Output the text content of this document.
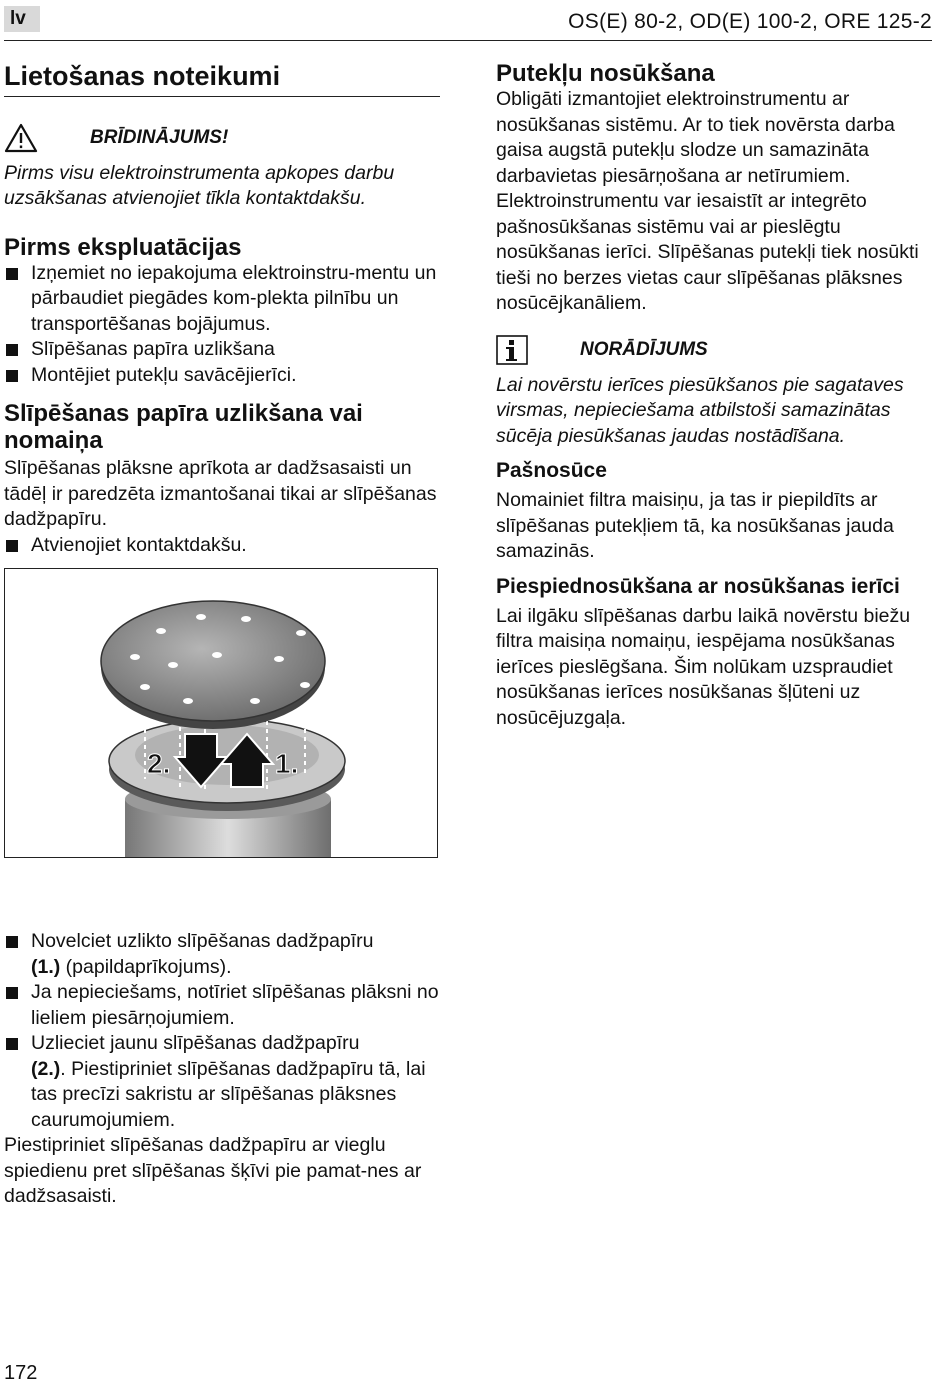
lv	OS(E) 80-2, OD(E) 100-2, ORE 125-2
Lietošanas noteikumi
BRĪDINĀJUMS!

Pirms visu elektroinstrumenta apkopes darbu uzsākšanas atvienojiet tīkla kontaktdakšu.

Pirms ekspluatācijas
Izņemiet no iepakojuma elektroinstru-mentu un pārbaudiet piegādes kom-plekta pilnību un transportēšanas bojājumus.
Slīpēšanas papīra uzlikšana
Montējiet putekļu savācējierīci.
Slīpēšanas papīra uzlikšana vai nomaiņa

Slīpēšanas plāksne aprīkota ar dadžsasaisti un tādēļ ir paredzēta izmantošanai tikai ar slīpēšanas dadžpapīru.

Atvienojiet kontaktdakšu.
2.	1.
Novelciet uzlikto slīpēšanas dadžpapīru
(1.) (papildaprīkojums).
Ja nepieciešams, notīriet slīpēšanas plāksni no lieliem piesārņojumiem.
Uzlieciet jaunu slīpēšanas dadžpapīru
(2.). Piestipriniet slīpēšanas dadžpapīru tā, lai tas precīzi sakristu ar slīpēšanas plāksnes caurumojumiem.

Piestipriniet slīpēšanas dadžpapīru ar vieglu spiedienu pret slīpēšanas šķīvi pie pamat-nes ar dadžsasaisti.

Putekļu nosūkšana

Obligāti izmantojiet elektroinstrumentu ar nosūkšanas sistēmu. Ar to tiek novērsta darba gaisa augstā putekļu slodze un samazināta darbavietas piesārņošana ar netīrumiem. Elektroinstrumentu var iesaistīt ar integrēto pašnosūkšanas sistēmu vai ar pieslēgtu nosūkšanas ierīci. Slīpēšanas putekļi tiek nosūkti tieši no berzes vietas caur slīpēšanas plāksnes nosūcējkanāliem.

NORĀDĪJUMS

Lai novērstu ierīces piesūkšanos pie sagataves virsmas, nepieciešama atbilstoši samazinātas sūcēja piesūkšanas jaudas nostādīšana.

Pašnosūce

Nomainiet filtra maisiņu, ja tas ir piepildīts ar slīpēšanas putekļiem tā, ka nosūkšanas jauda samazinās.

Piespiednosūkšana ar nosūkšanas ierīci

Lai ilgāku slīpēšanas darbu laikā novērstu biežu filtra maisiņa nomaiņu, iespējama nosūkšanas ierīces pieslēgšana. Šim nolūkam uzspraudiet nosūkšanas ierīces nosūkšanas šļūteni uz nosūcējuzgaļa.

172
